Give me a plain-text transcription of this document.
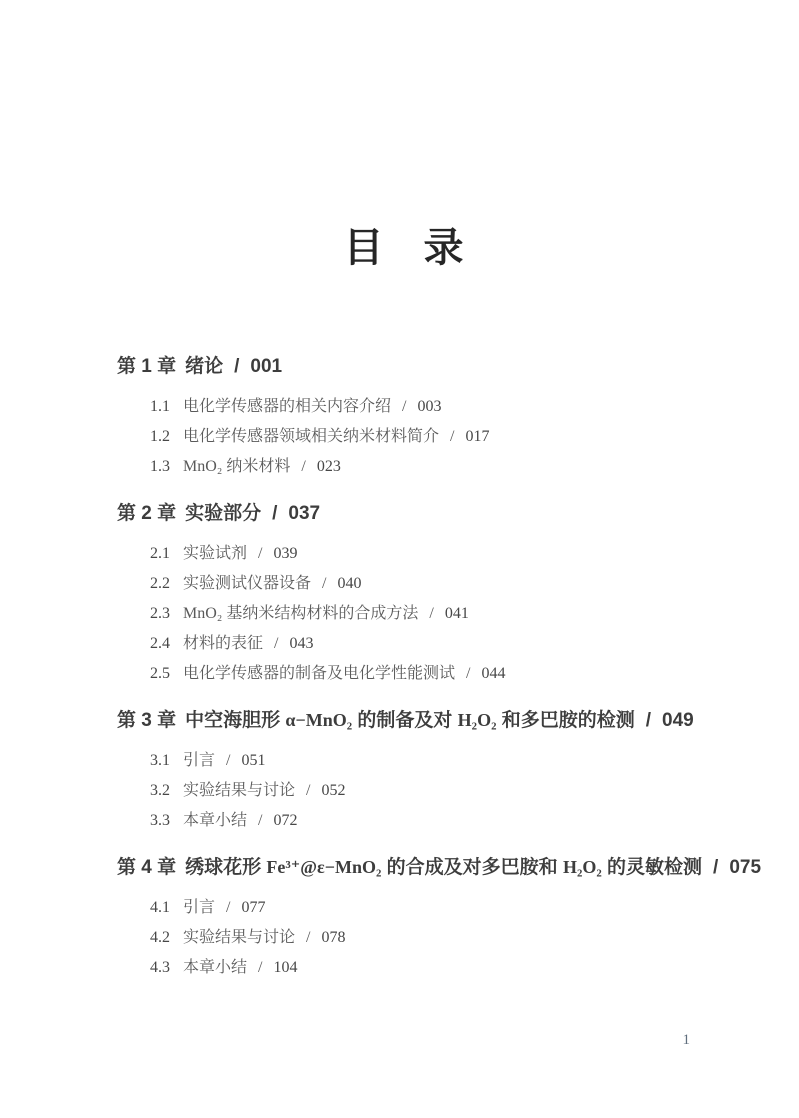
目　录
第 1 章 绪论 / 001
1.1 电化学传感器的相关内容介绍 / 003
1.2 电化学传感器领域相关纳米材料简介 / 017
1.3 MnO₂ 纳米材料 / 023
第 2 章 实验部分 / 037
2.1 实验试剂 / 039
2.2 实验测试仪器设备 / 040
2.3 MnO₂ 基纳米结构材料的合成方法 / 041
2.4 材料的表征 / 043
2.5 电化学传感器的制备及电化学性能测试 / 044
第 3 章 中空海胆形 α−MnO₂ 的制备及对 H₂O₂ 和多巴胺的检测 / 049
3.1 引言 / 051
3.2 实验结果与讨论 / 052
3.3 本章小结 / 072
第 4 章 绣球花形 Fe³⁺@ε−MnO₂ 的合成及对多巴胺和 H₂O₂ 的灵敏检测 / 075
4.1 引言 / 077
4.2 实验结果与讨论 / 078
4.3 本章小结 / 104
1
